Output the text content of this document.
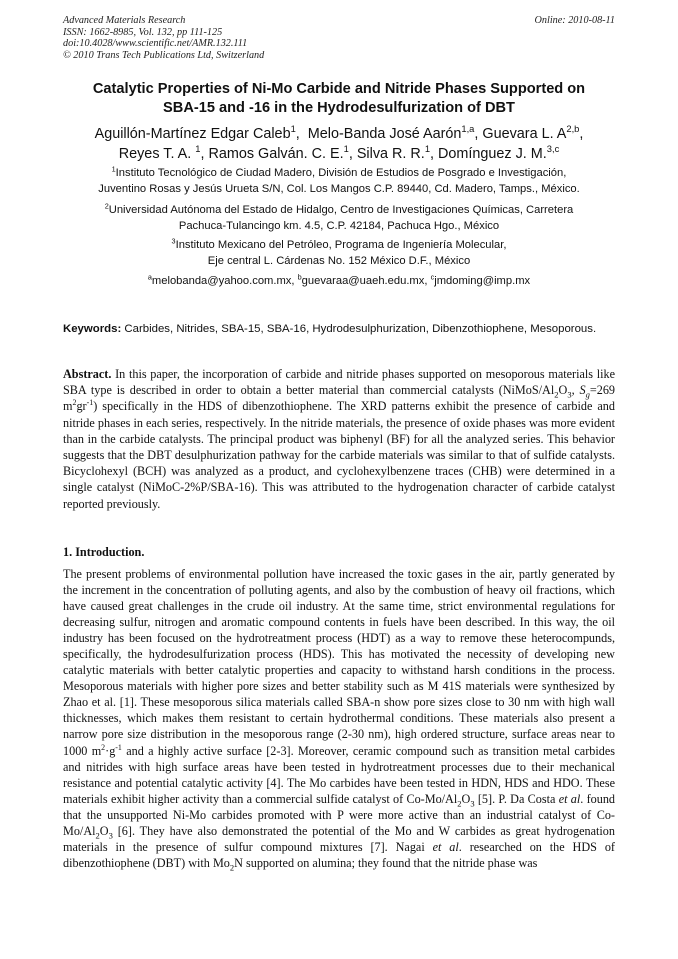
Advanced Materials Research
ISSN: 1662-8985, Vol. 132, pp 111-125
doi:10.4028/www.scientific.net/AMR.132.111
© 2010 Trans Tech Publications Ltd, Switzerland
Online: 2010-08-11
Catalytic Properties of Ni-Mo Carbide and Nitride Phases Supported on
SBA-15 and -16 in the Hydrodesulfurization of DBT
Aguillón-Martínez Edgar Caleb$^1$,  Melo-Banda José Aarón$^{1,a}$, Guevara L. A$^{2,b}$,
Reyes T. A. $^1$, Ramos Galván. C. E.$^1$, Silva R. R.$^1$, Domínguez J. M.$^{3,c}$
$^1$Instituto Tecnológico de Ciudad Madero, División de Estudios de Posgrado e Investigación,
Juventino Rosas y Jesús Urueta S/N, Col. Los Mangos C.P. 89440, Cd. Madero, Tamps., México.
$^2$Universidad Autónoma del Estado de Hidalgo, Centro de Investigaciones Químicas, Carretera
Pachuca-Tulancingo km. 4.5, C.P. 42184, Pachuca Hgo., México
$^3$Instituto Mexicano del Petróleo, Programa de Ingeniería Molecular,
Eje central L. Cárdenas No. 152 México D.F., México
$^a$melobanda@yahoo.com.mx, $^b$guevaraa@uaeh.edu.mx, $^c$jmdoming@imp.mx
Keywords: Carbides, Nitrides, SBA-15, SBA-16, Hydrodesulphurization, Dibenzothiophene, Mesoporous.
Abstract. In this paper, the incorporation of carbide and nitride phases supported on mesoporous materials like SBA type is described in order to obtain a better material than commercial catalysts ($NiMoS/Al_2O_3$, $S_g=269$ $m^2gr^{-1}$) specifically in the HDS of dibenzothiophene. The XRD patterns exhibit the presence of carbide and nitride phases in each series, respectively. In the nitride materials, the presence of oxide phases was more evident than in the carbide catalysts. The principal product was biphenyl (BF) for all the analyzed series. This behavior suggests that the DBT desulphurization pathway for the carbide materials was similar to that of sulfide catalysts. Bicyclohexyl (BCH) was analyzed as a product, and cyclohexylbenzene traces (CHB) were determined in a single catalyst (NiMoC-2%P/SBA-16). This was attributed to the hydrogenation character of carbide catalyst reported previously.
1. Introduction.
The present problems of environmental pollution have increased the toxic gases in the air, partly generated by the increment in the concentration of polluting agents, and also by the combustion of heavy oil fractions, which have caused great challenges in the crude oil industry. At the same time, strict environmental regulations for decreasing sulfur, nitrogen and aromatic compound contents in fuels have been described. In this way, the oil industry has been focused on the hydrotreatment process (HDT) as a way to remove these heterocompunds, specifically, the hydrodesulfurization process (HDS). This has motivated the necessity of developing new catalytic materials with better catalytic properties and capacity to withstand harsh conditions in the process. Mesoporous materials with higher pore sizes and better stability such as M 41S materials were synthesized by Zhao et al. [1]. These mesoporous silica materials called SBA-n show pore sizes close to 30 nm with high wall thicknesses, which makes them resistant to certain hydrothermal conditions. These materials also present a narrow pore size distribution in the mesoporous range (2-30 nm), high ordered structure, surface areas near to 1000 $m^2\cdot g^{-1}$ and a highly active surface [2-3]. Moreover, ceramic compound such as transition metal carbides and nitrides with high surface areas have been tested in hydrotreatment processes due to their mechanical resistance and potential catalytic activity [4]. The Mo carbides have been tested in HDN, HDS and HDO. These materials exhibit higher activity than a commercial sulfide catalyst of $Co-Mo/Al_2O_3$ [5]. P. Da Costa et al. found that the unsupported Ni-Mo carbides promoted with P were more active than an industrial catalyst of $Co-Mo/Al_2O_3$ [6]. They have also demonstrated the potential of the Mo and W carbides as great hydrogenation materials in the presence of sulfur compound mixtures [7]. Nagai et al. researched on the HDS of dibenzothiophene (DBT) with $Mo_2N$ supported on alumina; they found that the nitride phase was
